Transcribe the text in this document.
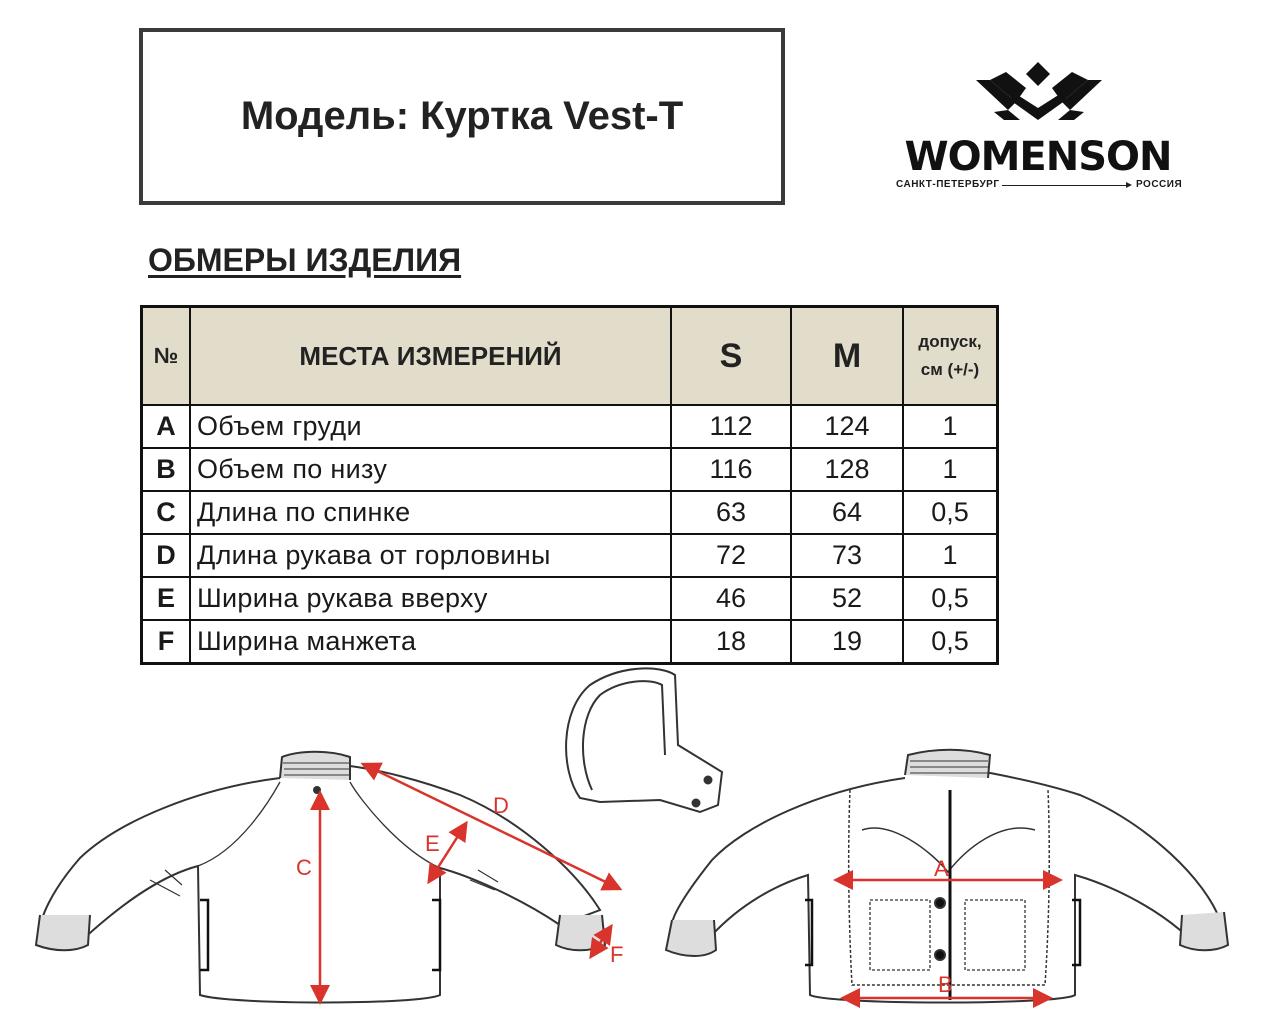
Модель: Куртка Vest-T
WOMENSON
САНКТ-ПЕТЕРБУРГ	РОССИЯ
ОБМЕРЫ ИЗДЕЛИЯ
№	МЕСТА ИЗМЕРЕНИЙ	S	M	допуск,
см (+/-)

A	Объем груди	112	124	1
B	Объем по низу	116	128	1
C	Длина по спинке	63	64	0,5
D	Длина рукава от горловины	72	73	1
E	Ширина рукава вверху	46	52	0,5
F	Ширина манжета	18	19	0,5
C
D
E
F
A
B
